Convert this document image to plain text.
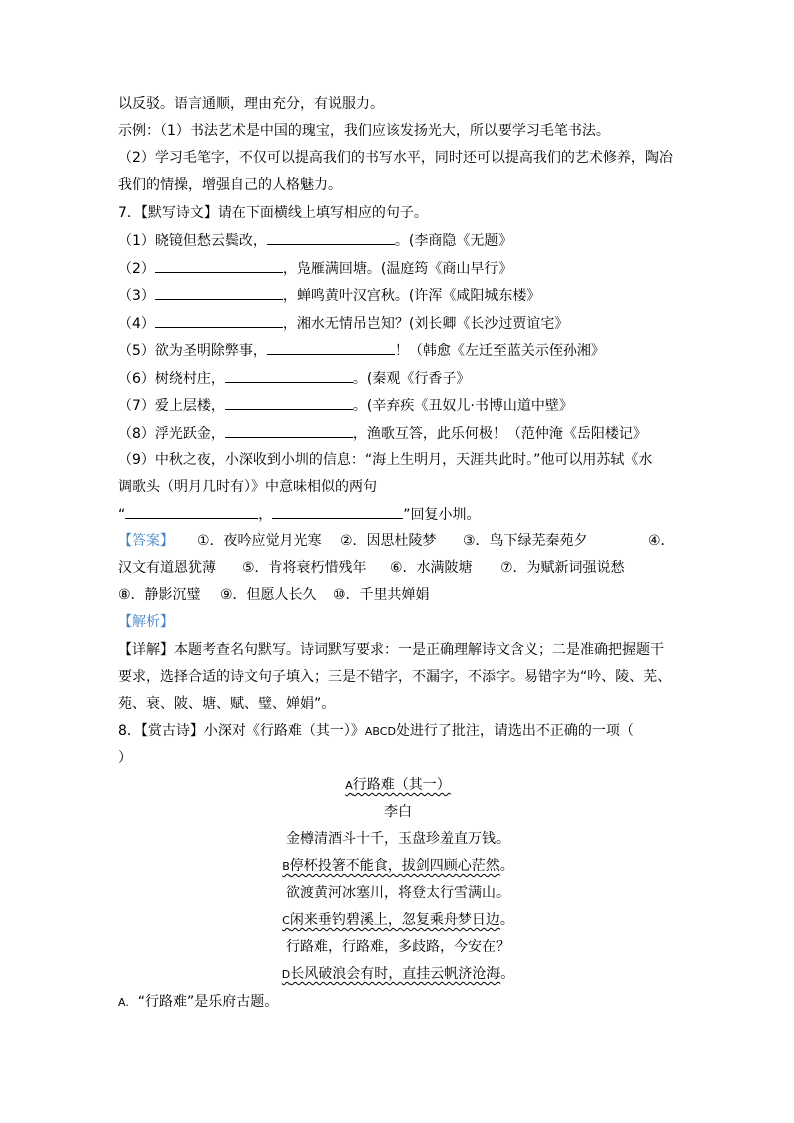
以反驳。语言通顺，理由充分，有说服力。
示例：（1）书法艺术是中国的瑰宝，我们应该发扬光大，所以要学习毛笔书法。
（2）学习毛笔字，不仅可以提高我们的书写水平，同时还可以提高我们的艺术修养，陶冶
我们的情操，增强自己的人格魅力。
7．【默写诗文】请在下面横线上填写相应的句子。
（1）晓镜但愁云鬓改，	。(李商隐《无题》
（2）	，凫雁满回塘。(温庭筠《商山早行》
（3）	，蝉鸣黄叶汉宫秋。(许浑《咸阳城东楼》
（4）	，湘水无情吊岂知？(刘长卿《长沙过贾谊宅》
（5）欲为圣明除弊事，	！（韩愈《左迁至蓝关示侄孙湘》
（6）树绕村庄，	。(秦观《行香子》
（7）爱上层楼，	。(辛弃疾《丑奴儿·书博山道中壁》
（8）浮光跃金，	，渔歌互答，此乐何极！（范仲淹《岳阳楼记》
（9）中秋之夜，小深收到小圳的信息：“海上生明月，天涯共此时。”他可以用苏轼《水
调歌头（明月几时有）》中意味相似的两句
“	，	”回复小圳。
【答案】 ①．夜吟应觉月光寒 ②．因思杜陵梦 ③．鸟下绿芜秦苑夕	④．
汉文有道恩犹薄 ⑤．肯将衰朽惜残年 ⑥．水满陂塘 ⑦．为赋新词强说愁
⑧．静影沉璧 ⑨．但愿人长久 ⑩．千里共婵娟
【解析】
【详解】本题考查名句默写。诗词默写要求：一是正确理解诗文含义；二是准确把握题干
要求，选择合适的诗文句子填入；三是不错字，不漏字，不添字。易错字为“吟、陵、芜、
苑、衰、陂、塘、赋、璧、婵娟”。
8．【赏古诗】小深对《行路难（其一）》ABCD处进行了批注，请选出不正确的一项（
）
A行路难（其一）
李白
金樽清酒斗十千，玉盘珍羞直万钱。
B停杯投箸不能食，拔剑四顾心茫然。
欲渡黄河冰塞川，将登太行雪满山。
C闲来垂钓碧溪上，忽复乘舟梦日边。
行路难，行路难，多歧路，今安在？
D长风破浪会有时，直挂云帆济沧海。
A. “行路难”是乐府古题。
